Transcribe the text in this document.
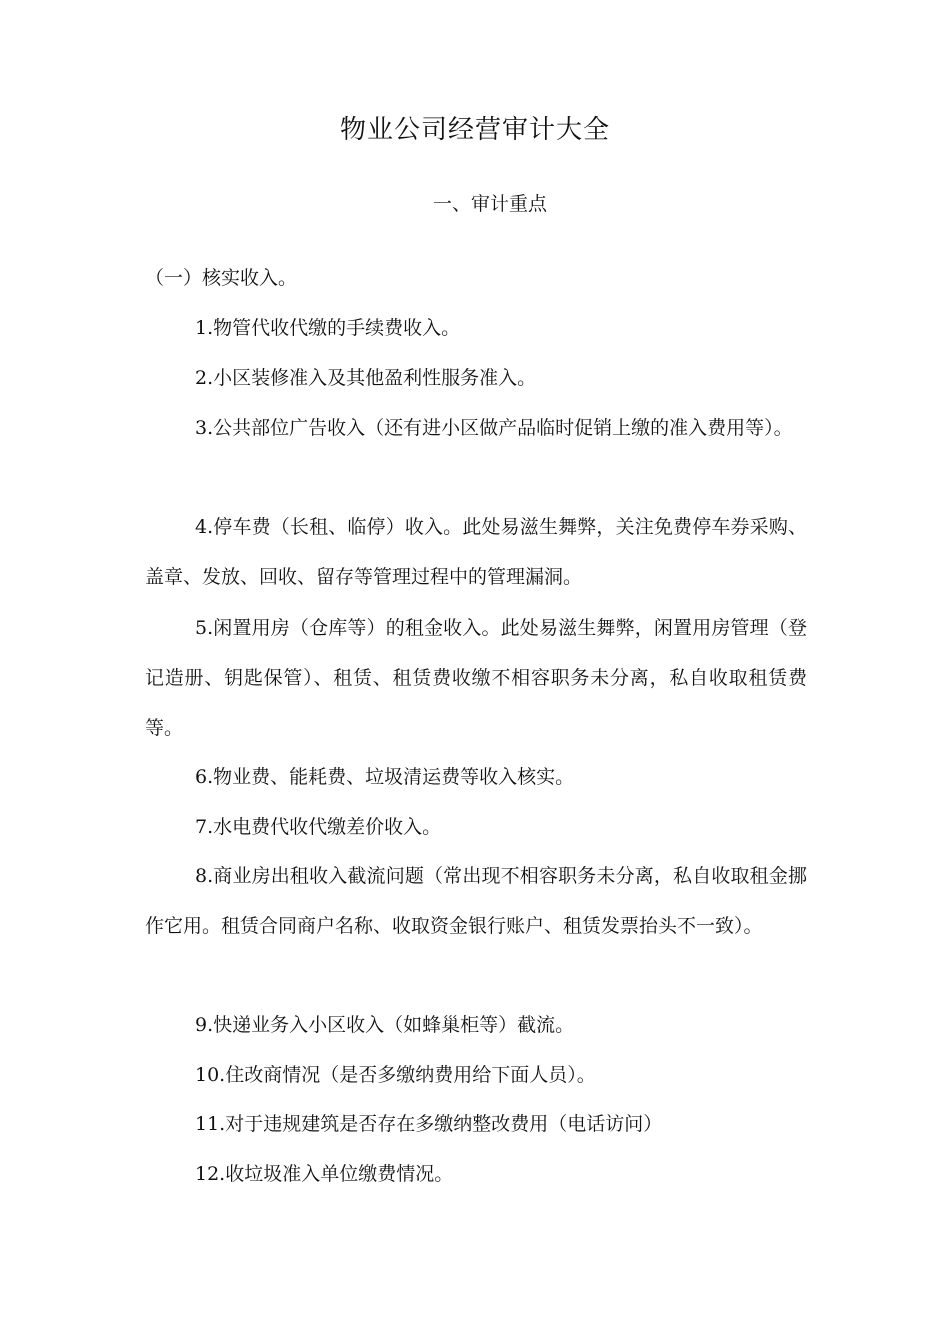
物业公司经营审计大全
一、审计重点

（一）核实收入。

1.物管代收代缴的手续费收入。

2.小区装修准入及其他盈利性服务准入。

3.公共部位广告收入（还有进小区做产品临时促销上缴的准入费用等）。

4.停车费（长租、临停）收入。此处易滋生舞弊，关注免费停车券采购、盖章、发放、回收、留存等管理过程中的管理漏洞。

5.闲置用房（仓库等）的租金收入。此处易滋生舞弊，闲置用房管理（登记造册、钥匙保管）、租赁、租赁费收缴不相容职务未分离，私自收取租赁费等。

6.物业费、能耗费、垃圾清运费等收入核实。

7.水电费代收代缴差价收入。

8.商业房出租收入截流问题（常出现不相容职务未分离，私自收取租金挪作它用。租赁合同商户名称、收取资金银行账户、租赁发票抬头不一致）。

9.快递业务入小区收入（如蜂巢柜等）截流。

10.住改商情况（是否多缴纳费用给下面人员）。

11.对于违规建筑是否存在多缴纳整改费用（电话访问）

12.收垃圾准入单位缴费情况。
